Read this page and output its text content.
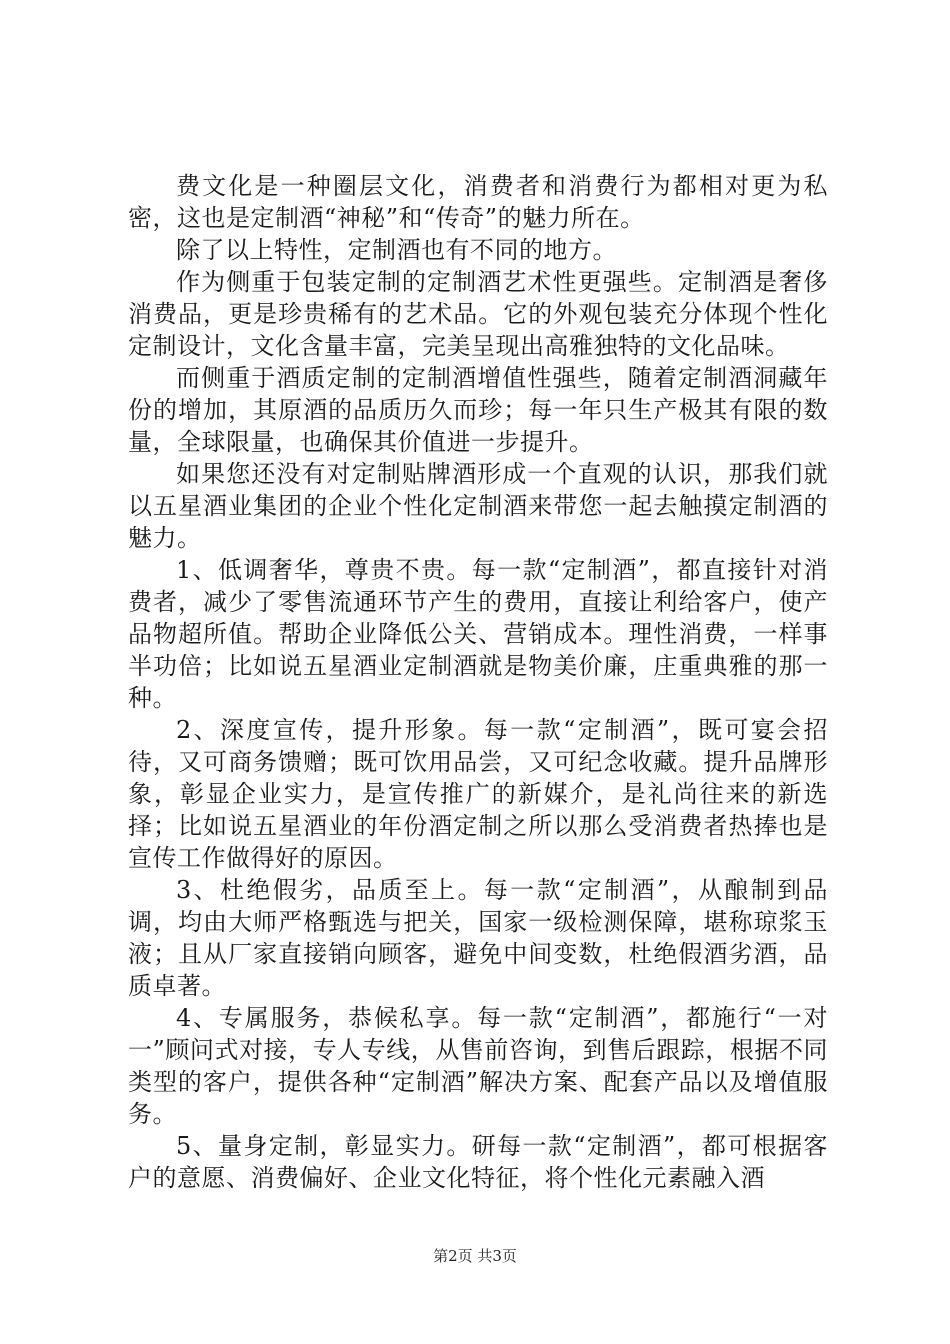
费文化是一种圈层文化，消费者和消费行为都相对更为私密，这也是定制酒“神秘”和“传奇”的魅力所在。

除了以上特性，定制酒也有不同的地方。

作为侧重于包装定制的定制酒艺术性更强些。定制酒是奢侈消费品，更是珍贵稀有的艺术品。它的外观包装充分体现个性化定制设计，文化含量丰富，完美呈现出高雅独特的文化品味。

而侧重于酒质定制的定制酒增值性强些，随着定制酒洞藏年份的增加，其原酒的品质历久而珍；每一年只生产极其有限的数量，全球限量，也确保其价值进一步提升。

如果您还没有对定制贴牌酒形成一个直观的认识，那我们就以五星酒业集团的企业个性化定制酒来带您一起去触摸定制酒的魅力。

1、低调奢华，尊贵不贵。每一款“定制酒”，都直接针对消费者，减少了零售流通环节产生的费用，直接让利给客户，使产品物超所值。帮助企业降低公关、营销成本。理性消费，一样事半功倍；比如说五星酒业定制酒就是物美价廉，庄重典雅的那一种。

2、深度宣传，提升形象。每一款“定制酒”，既可宴会招待，又可商务馈赠；既可饮用品尝，又可纪念收藏。提升品牌形象，彰显企业实力，是宣传推广的新媒介，是礼尚往来的新选择；比如说五星酒业的年份酒定制之所以那么受消费者热捧也是宣传工作做得好的原因。

3、杜绝假劣，品质至上。每一款“定制酒”，从酿制到品调，均由大师严格甄选与把关，国家一级检测保障，堪称琼浆玉液；且从厂家直接销向顾客，避免中间变数，杜绝假酒劣酒，品质卓著。

4、专属服务，恭候私享。每一款“定制酒”，都施行“一对一”顾问式对接，专人专线，从售前咨询，到售后跟踪，根据不同类型的客户，提供各种“定制酒”解决方案、配套产品以及增值服务。

5、量身定制，彰显实力。研每一款“定制酒”，都可根据客户的意愿、消费偏好、企业文化特征，将个性化元素融入酒

第2页 共3页
